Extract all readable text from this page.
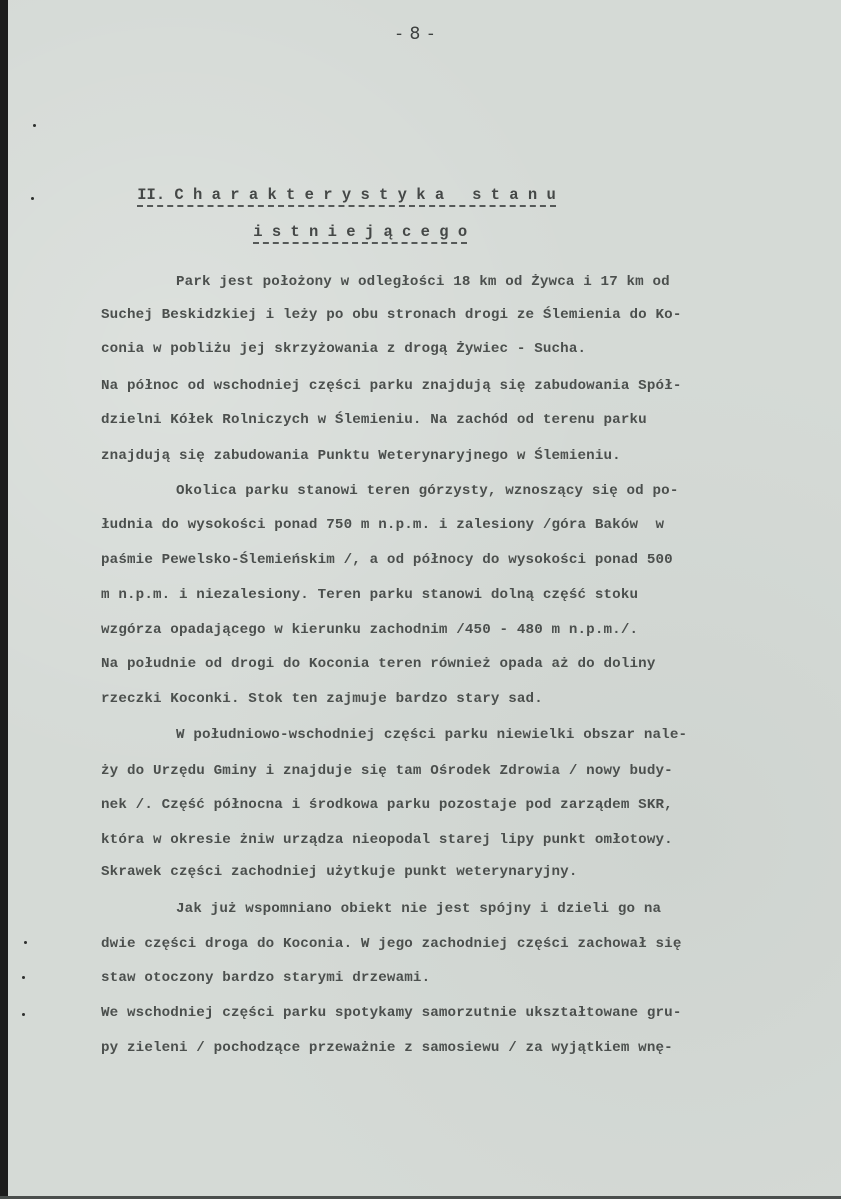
- 8 -

II. C h a r a k t e r y s t y k a   s t a n u

i s t n i e j ą c e g o

Park jest położony w odległości 18 km od Żywca i 17 km od
Suchej Beskidzkiej i leży po obu stronach drogi ze Ślemienia do Ko-
conia w pobliżu jej skrzyżowania z drogą Żywiec - Sucha.
Na północ od wschodniej części parku znajdują się zabudowania Spół-
dzielni Kółek Rolniczych w Ślemieniu. Na zachód od terenu parku
znajdują się zabudowania Punktu Weterynaryjnego w Ślemieniu.
Okolica parku stanowi teren górzysty, wznoszący się od po-
łudnia do wysokości ponad 750 m n.p.m. i zalesiony /góra Baków  w
paśmie Pewelsko-Ślemieńskim /, a od północy do wysokości ponad 500
m n.p.m. i niezalesiony. Teren parku stanowi dolną część stoku
wzgórza opadającego w kierunku zachodnim /450 - 480 m n.p.m./.
Na południe od drogi do Koconia teren również opada aż do doliny
rzeczki Koconki. Stok ten zajmuje bardzo stary sad.
W południowo-wschodniej części parku niewielki obszar nale-
ży do Urzędu Gminy i znajduje się tam Ośrodek Zdrowia / nowy budy-
nek /. Część północna i środkowa parku pozostaje pod zarządem SKR,
która w okresie żniw urządza nieopodal starej lipy punkt omłotowy.
Skrawek części zachodniej użytkuje punkt weterynaryjny.
Jak już wspomniano obiekt nie jest spójny i dzieli go na
dwie części droga do Koconia. W jego zachodniej części zachował się
staw otoczony bardzo starymi drzewami.
We wschodniej części parku spotykamy samorzutnie ukształtowane gru-
py zieleni / pochodzące przeważnie z samosiewu / za wyjątkiem wnę-
